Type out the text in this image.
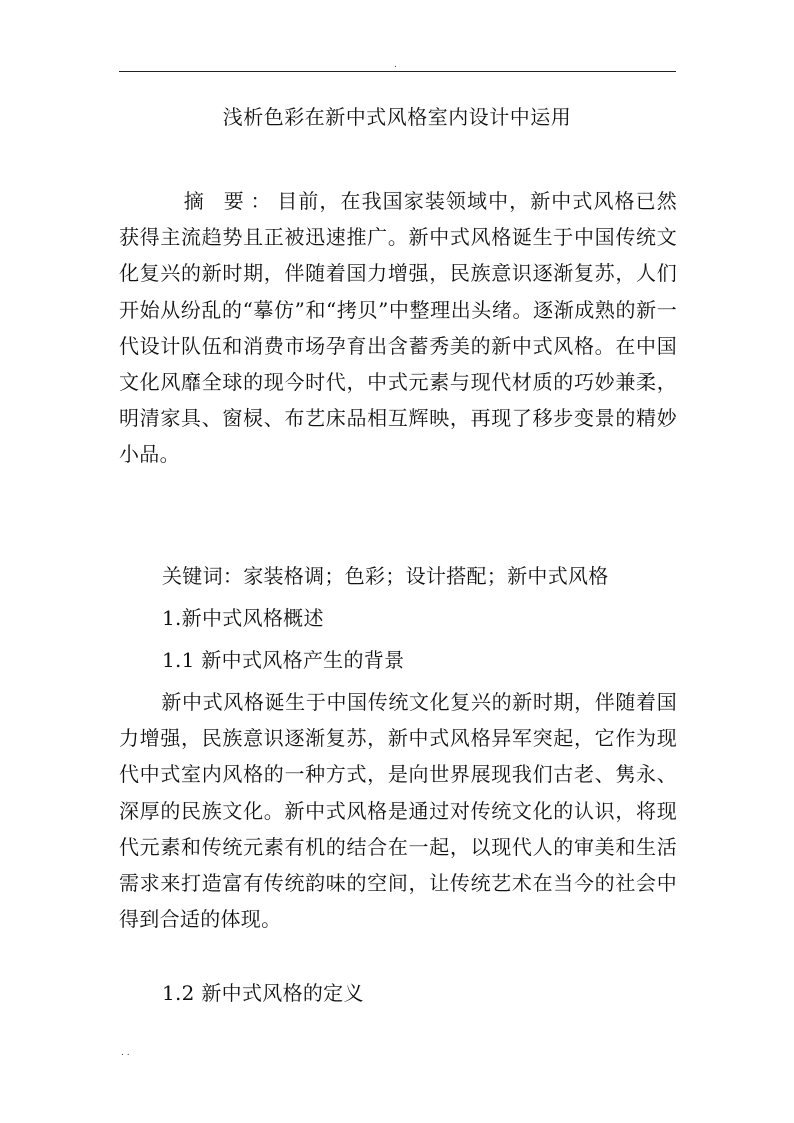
.
浅析色彩在新中式风格室内设计中运用
摘 要：目前，在我国家装领域中，新中式风格已然获得主流趋势且正被迅速推广。新中式风格诞生于中国传统文化复兴的新时期，伴随着国力增强，民族意识逐渐复苏，人们开始从纷乱的“摹仿”和“拷贝”中整理出头绪。逐渐成熟的新一代设计队伍和消费市场孕育出含蓄秀美的新中式风格。在中国文化风靡全球的现今时代，中式元素与现代材质的巧妙兼柔，明清家具、窗棂、布艺床品相互辉映，再现了移步变景的精妙小品。
关键词：家装格调；色彩；设计搭配；新中式风格
1.新中式风格概述
1.1 新中式风格产生的背景
新中式风格诞生于中国传统文化复兴的新时期，伴随着国力增强，民族意识逐渐复苏，新中式风格异军突起，它作为现代中式室内风格的一种方式，是向世界展现我们古老、隽永、深厚的民族文化。新中式风格是通过对传统文化的认识，将现代元素和传统元素有机的结合在一起，以现代人的审美和生活需求来打造富有传统韵味的空间，让传统艺术在当今的社会中得到合适的体现。
1.2 新中式风格的定义
. .
